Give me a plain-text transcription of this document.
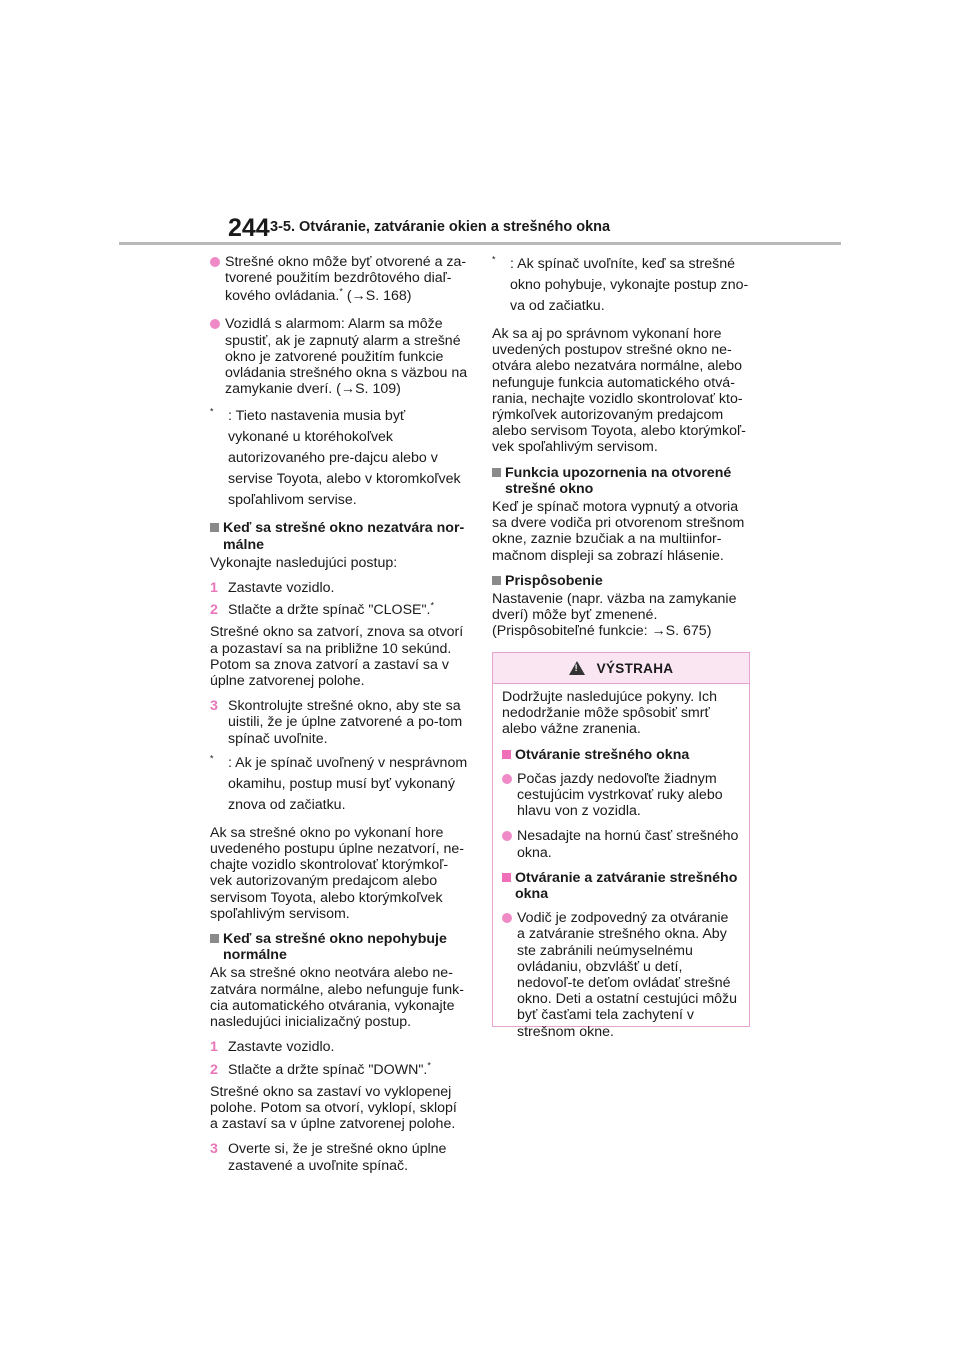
244 3-5. Otváranie, zatváranie okien a strešného okna
Strešné okno môže byť otvorené a za-tvorené použitím bezdrôtového diaľ-
kového ovládania.* (→S. 168)
Vozidlá s alarmom: Alarm sa môže spustiť, ak je zapnutý alarm a strešné okno je zatvorené použitím funkcie ovládania strešného okna s väzbou na zamykanie dverí. (→S. 109)
*	: Tieto nastavenia musia byť vykonané u ktoréhokoľvek autorizovaného pre-dajcu alebo v servise Toyota, alebo v ktoromkoľvek spoľahlivom servise.
Keď sa strešné okno nezatvára nor-málne

Vykonajte nasledujúci postup:

1 Zastavte vozidlo.
2 Stlačte a držte spínač "CLOSE".*

Strešné okno sa zatvorí, znova sa otvorí a pozastaví sa na približne 10 sekúnd. Potom sa znova zatvorí a zastaví sa v úplne zatvorenej polohe.

3 Skontrolujte strešné okno, aby ste sa uistili, že je úplne zatvorené a po-tom spínač uvoľnite.
*	: Ak je spínač uvoľnený v nesprávnom okamihu, postup musí byť vykonaný znova od začiatku.

Ak sa strešné okno po vykonaní hore uvedeného postupu úplne nezatvorí, ne-chajte vozidlo skontrolovať ktorýmkoľ-vek autorizovaným predajcom alebo servisom Toyota, alebo ktorýmkoľvek spoľahlivým servisom.

Keď sa strešné okno nepohybuje normálne

Ak sa strešné okno neotvára alebo ne-zatvára normálne, alebo nefunguje funk-cia automatického otvárania, vykonajte nasledujúci inicializačný postup.

1 Zastavte vozidlo.
2 Stlačte a držte spínač "DOWN".*

Strešné okno sa zastaví vo vyklopenej polohe. Potom sa otvorí, vyklopí, sklopí a zastaví sa v úplne zatvorenej polohe.

3 Overte si, že je strešné okno úplne zastavené a uvoľnite spínač.
*	: Ak spínač uvoľníte, keď sa strešné okno pohybuje, vykonajte postup zno-va od začiatku.

Ak sa aj po správnom vykonaní hore uvedených postupov strešné okno ne-otvára alebo nezatvára normálne, alebo nefunguje funkcia automatického otvá-rania, nechajte vozidlo skontrolovať kto-rýmkoľvek autorizovaným predajcom alebo servisom Toyota, alebo ktorýmkoľ-vek spoľahlivým servisom.

Funkcia upozornenia na otvorené strešné okno

Keď je spínač motora vypnutý a otvoria sa dvere vodiča pri otvorenom strešnom okne, zaznie bzučiak a na multiinfor-mačnom displeji sa zobrazí hlásenie.

Prispôsobenie

Nastavenie (napr. väzba na zamykanie dverí) môže byť zmenené. (Prispôsobiteľné funkcie: →S. 675)

! VÝSTRAHA

Dodržujte nasledujúce pokyny. Ich nedodržanie môže spôsobiť smrť alebo vážne zranenia.

Otváranie strešného okna
Počas jazdy nedovoľte žiadnym cestujúcim vystrkovať ruky alebo hlavu von z vozidla.
Nesadajte na hornú časť strešného okna.
Otváranie a zatváranie strešného okna
Vodič je zodpovedný za otváranie a zatváranie strešného okna. Aby ste zabránili neúmyselnému ovládaniu, obzvlášť u detí, nedovoľ-te deťom ovládať strešné okno. Deti a ostatní cestujúci môžu byť časťami tela zachytení v strešnom okne.
